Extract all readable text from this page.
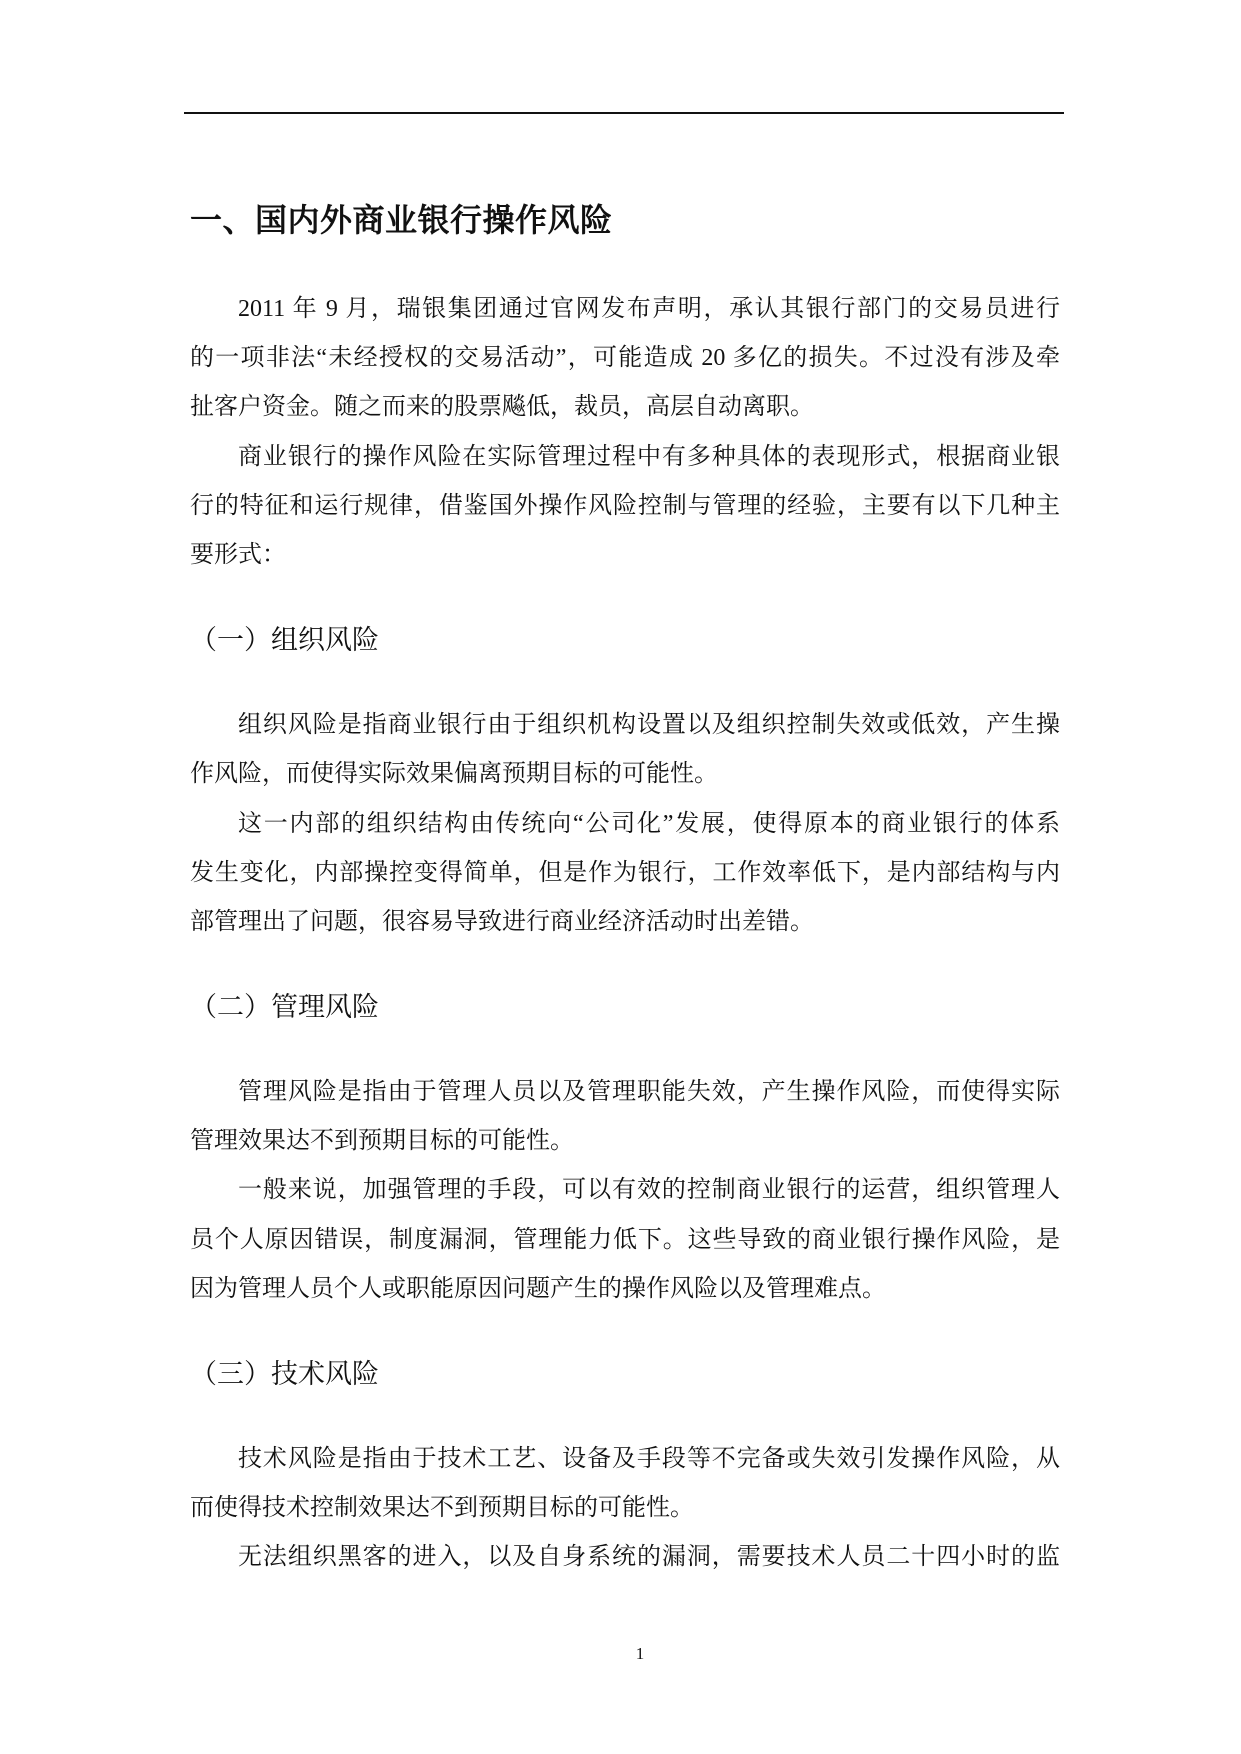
一、国内外商业银行操作风险
2011 年 9 月，瑞银集团通过官网发布声明，承认其银行部门的交易员进行
的一项非法“未经授权的交易活动”，可能造成 20 多亿的损失。不过没有涉及牵
扯客户资金。随之而来的股票飚低，裁员，高层自动离职。
商业银行的操作风险在实际管理过程中有多种具体的表现形式，根据商业银
行的特征和运行规律，借鉴国外操作风险控制与管理的经验，主要有以下几种主
要形式：
（一）组织风险
组织风险是指商业银行由于组织机构设置以及组织控制失效或低效，产生操
作风险，而使得实际效果偏离预期目标的可能性。
这一内部的组织结构由传统向“公司化”发展，使得原本的商业银行的体系
发生变化，内部操控变得简单，但是作为银行，工作效率低下，是内部结构与内
部管理出了问题，很容易导致进行商业经济活动时出差错。
（二）管理风险
管理风险是指由于管理人员以及管理职能失效，产生操作风险，而使得实际
管理效果达不到预期目标的可能性。
一般来说，加强管理的手段，可以有效的控制商业银行的运营，组织管理人
员个人原因错误，制度漏洞，管理能力低下。这些导致的商业银行操作风险，是
因为管理人员个人或职能原因问题产生的操作风险以及管理难点。
（三）技术风险
技术风险是指由于技术工艺、设备及手段等不完备或失效引发操作风险，从
而使得技术控制效果达不到预期目标的可能性。
无法组织黑客的进入，以及自身系统的漏洞，需要技术人员二十四小时的监
1
